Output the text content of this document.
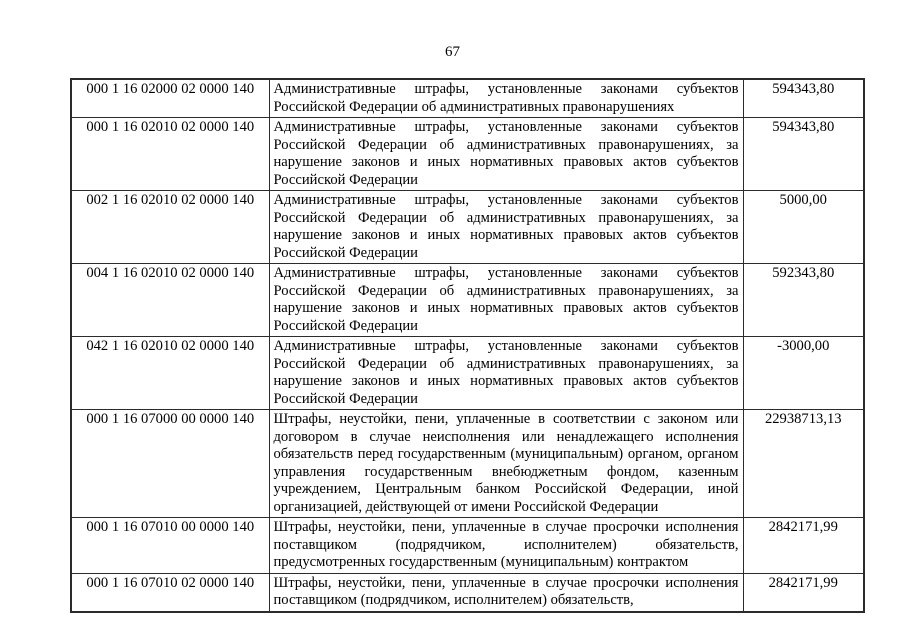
67
000 1 16 02000 02 0000 140	Административные штрафы, установленные законами субъектов Российской Федерации об административных правонарушениях	594343,80
000 1 16 02010 02 0000 140	Административные штрафы, установленные законами субъектов Российской Федерации об административных правонарушениях, за нарушение законов и иных нормативных правовых актов субъектов Российской Федерации	594343,80
002 1 16 02010 02 0000 140	Административные штрафы, установленные законами субъектов Российской Федерации об административных правонарушениях, за нарушение законов и иных нормативных правовых актов субъектов Российской Федерации	5000,00
004 1 16 02010 02 0000 140	Административные штрафы, установленные законами субъектов Российской Федерации об административных правонарушениях, за нарушение законов и иных нормативных правовых актов субъектов Российской Федерации	592343,80
042 1 16 02010 02 0000 140	Административные штрафы, установленные законами субъектов Российской Федерации об административных правонарушениях, за нарушение законов и иных нормативных правовых актов субъектов Российской Федерации	-3000,00
000 1 16 07000 00 0000 140	Штрафы, неустойки, пени, уплаченные в соответствии с законом или договором в случае неисполнения или ненадлежащего исполнения обязательств перед государственным (муниципальным) органом, органом управления государственным внебюджетным фондом, казенным учреждением, Центральным банком Российской Федерации, иной организацией, действующей от имени Российской Федерации	22938713,13
000 1 16 07010 00 0000 140	Штрафы, неустойки, пени, уплаченные в случае просрочки исполнения поставщиком (подрядчиком, исполнителем) обязательств, предусмотренных государственным (муниципальным) контрактом	2842171,99
000 1 16 07010 02 0000 140	Штрафы, неустойки, пени, уплаченные в случае просрочки исполнения поставщиком (подрядчиком, исполнителем) обязательств,	2842171,99
